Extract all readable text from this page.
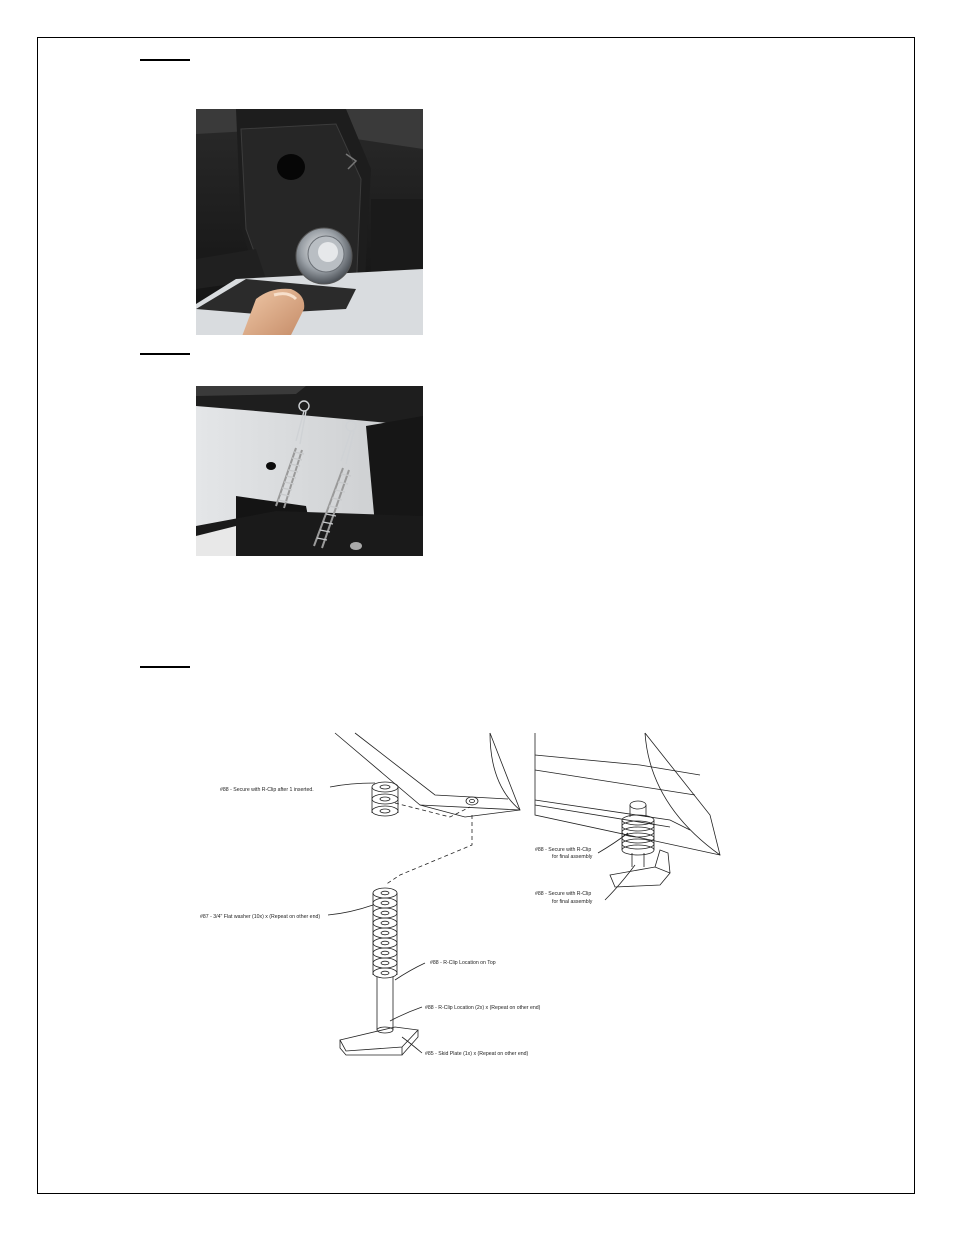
#88 - Secure with R-Clip after 1 inserted.
#87 - 3/4" Flat washer (10x) x (Repeat on other end)
#88 - R-Clip Location on Top
#88 - R-Clip Location (2x) x (Repeat on other end)
#85 - Skid Plate (1x) x (Repeat on other end)
#88 - Secure with R-Clip
for final assembly
#88 - Secure with R-Clip
for final assembly
